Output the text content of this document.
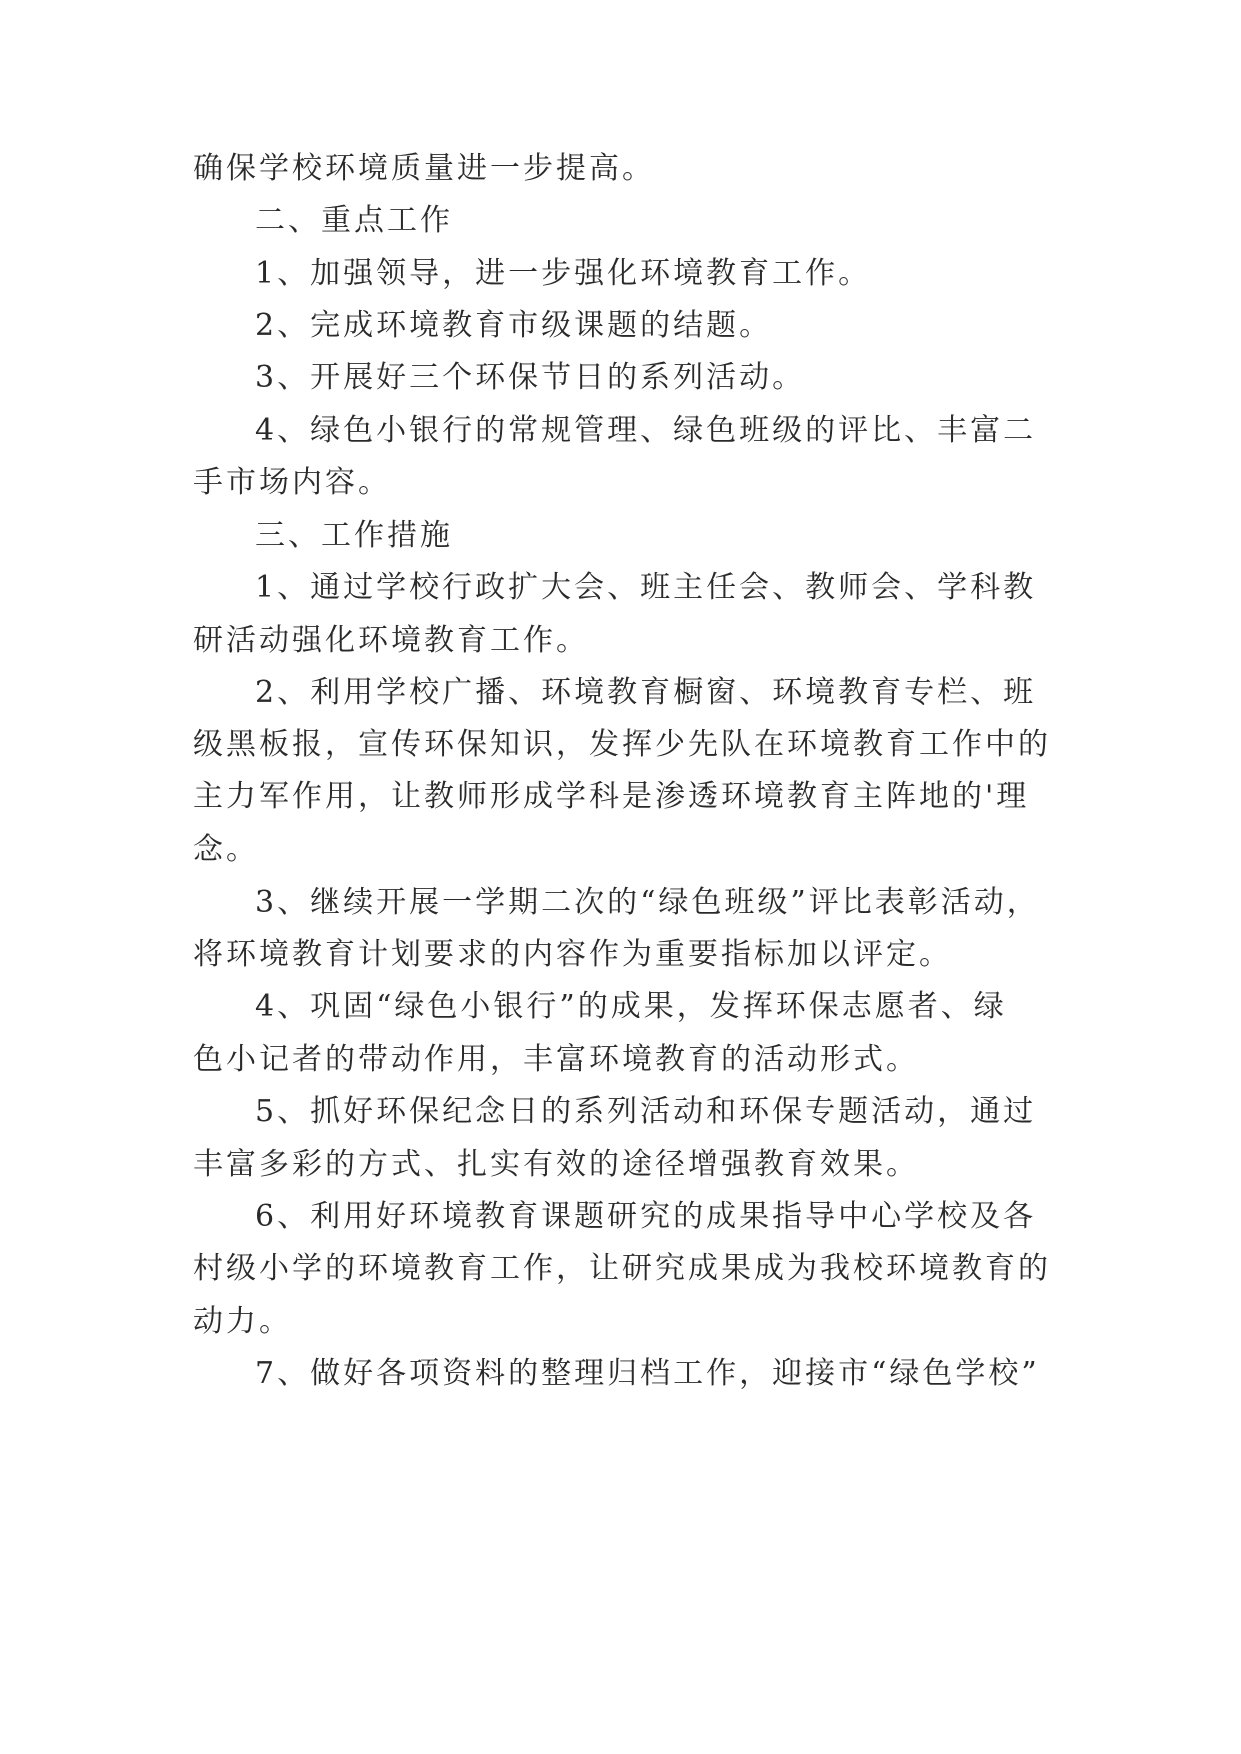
确保学校环境质量进一步提高。
二、重点工作
1、加强领导，进一步强化环境教育工作。
2、完成环境教育市级课题的结题。
3、开展好三个环保节日的系列活动。
4、绿色小银行的常规管理、绿色班级的评比、丰富二
手市场内容。
三、工作措施
1、通过学校行政扩大会、班主任会、教师会、学科教
研活动强化环境教育工作。
2、利用学校广播、环境教育橱窗、环境教育专栏、班
级黑板报，宣传环保知识，发挥少先队在环境教育工作中的
主力军作用，让教师形成学科是渗透环境教育主阵地的'理
念。
3、继续开展一学期二次的“绿色班级”评比表彰活动，
将环境教育计划要求的内容作为重要指标加以评定。
4、巩固“绿色小银行”的成果，发挥环保志愿者、绿
色小记者的带动作用，丰富环境教育的活动形式。
5、抓好环保纪念日的系列活动和环保专题活动，通过
丰富多彩的方式、扎实有效的途径增强教育效果。
6、利用好环境教育课题研究的成果指导中心学校及各
村级小学的环境教育工作，让研究成果成为我校环境教育的
动力。
7、做好各项资料的整理归档工作，迎接市“绿色学校”
